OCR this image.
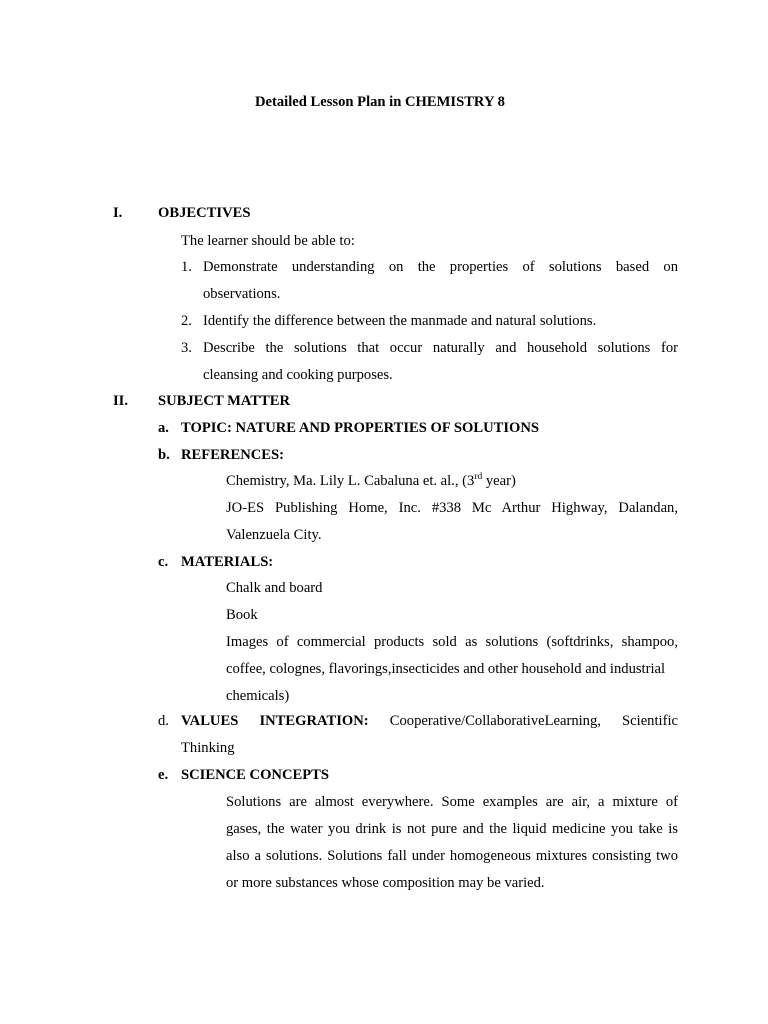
Detailed Lesson Plan in CHEMISTRY 8
I. OBJECTIVES
The learner should be able to:
1. Demonstrate understanding on the properties of solutions based on
observations.
2. Identify the difference between the manmade and natural solutions.
3. Describe the solutions that occur naturally and household solutions for
cleansing and cooking purposes.
II. SUBJECT MATTER
a. TOPIC: NATURE AND PROPERTIES OF SOLUTIONS
b. REFERENCES:
Chemistry, Ma. Lily L. Cabaluna et. al., (3rd year)
JO-ES Publishing Home, Inc. #338 Mc Arthur Highway, Dalandan,
Valenzuela City.
c. MATERIALS:
Chalk and board
Book
Images of commercial products sold as solutions (softdrinks, shampoo,
coffee, colognes, flavorings,insecticides and other household and industrial
chemicals)
d. VALUES INTEGRATION: Cooperative/CollaborativeLearning, Scientific
Thinking
e. SCIENCE CONCEPTS
Solutions are almost everywhere. Some examples are air, a mixture of
gases, the water you drink is not pure and the liquid medicine you take is
also a solutions. Solutions fall under homogeneous mixtures consisting two
or more substances whose composition may be varied.
